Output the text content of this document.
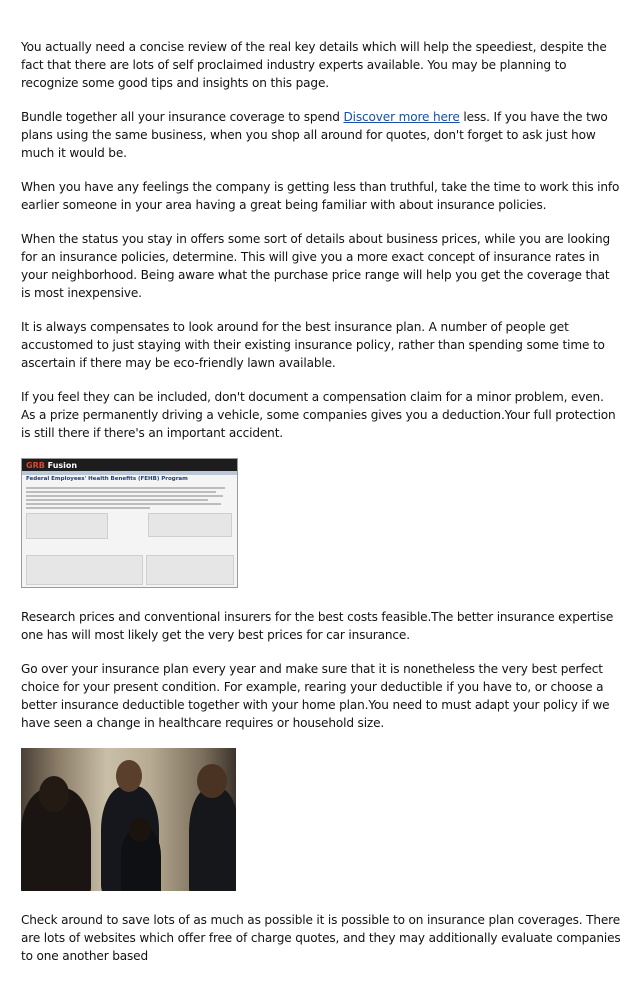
You actually need a concise review of the real key details which will help the speediest, despite the fact that there are lots of self proclaimed industry experts available. You may be planning to recognize some good tips and insights on this page.

Bundle together all your insurance coverage to spend Discover more here less. If you have the two plans using the same business, when you shop all around for quotes, don't forget to ask just how much it would be.

When you have any feelings the company is getting less than truthful, take the time to work this info earlier someone in your area having a great being familiar with about insurance policies.

When the status you stay in offers some sort of details about business prices, while you are looking for an insurance policies, determine. This will give you a more exact concept of insurance rates in your neighborhood. Being aware what the purchase price range will help you get the coverage that is most inexpensive.

It is always compensates to look around for the best insurance plan. A number of people get accustomed to just staying with their existing insurance policy, rather than spending some time to ascertain if there may be eco-friendly lawn available.

If you feel they can be included, don't document a compensation claim for a minor problem, even. As a prize permanently driving a vehicle, some companies gives you a deduction.Your full protection is still there if there's an important accident.

GRB Fusion
Federal Employees' Health Benefits (FEHB) Program

Research prices and conventional insurers for the best costs feasible.The better insurance expertise one has will most likely get the very best prices for car insurance.

Go over your insurance plan every year and make sure that it is nonetheless the very best perfect choice for your present condition. For example, rearing your deductible if you have to, or choose a better insurance deductible together with your home plan.You need to must adapt your policy if we have seen a change in healthcare requires or household size.

Check around to save lots of as much as possible it is possible to on insurance plan coverages. There are lots of websites which offer free of charge quotes, and they may additionally evaluate companies to one another based
